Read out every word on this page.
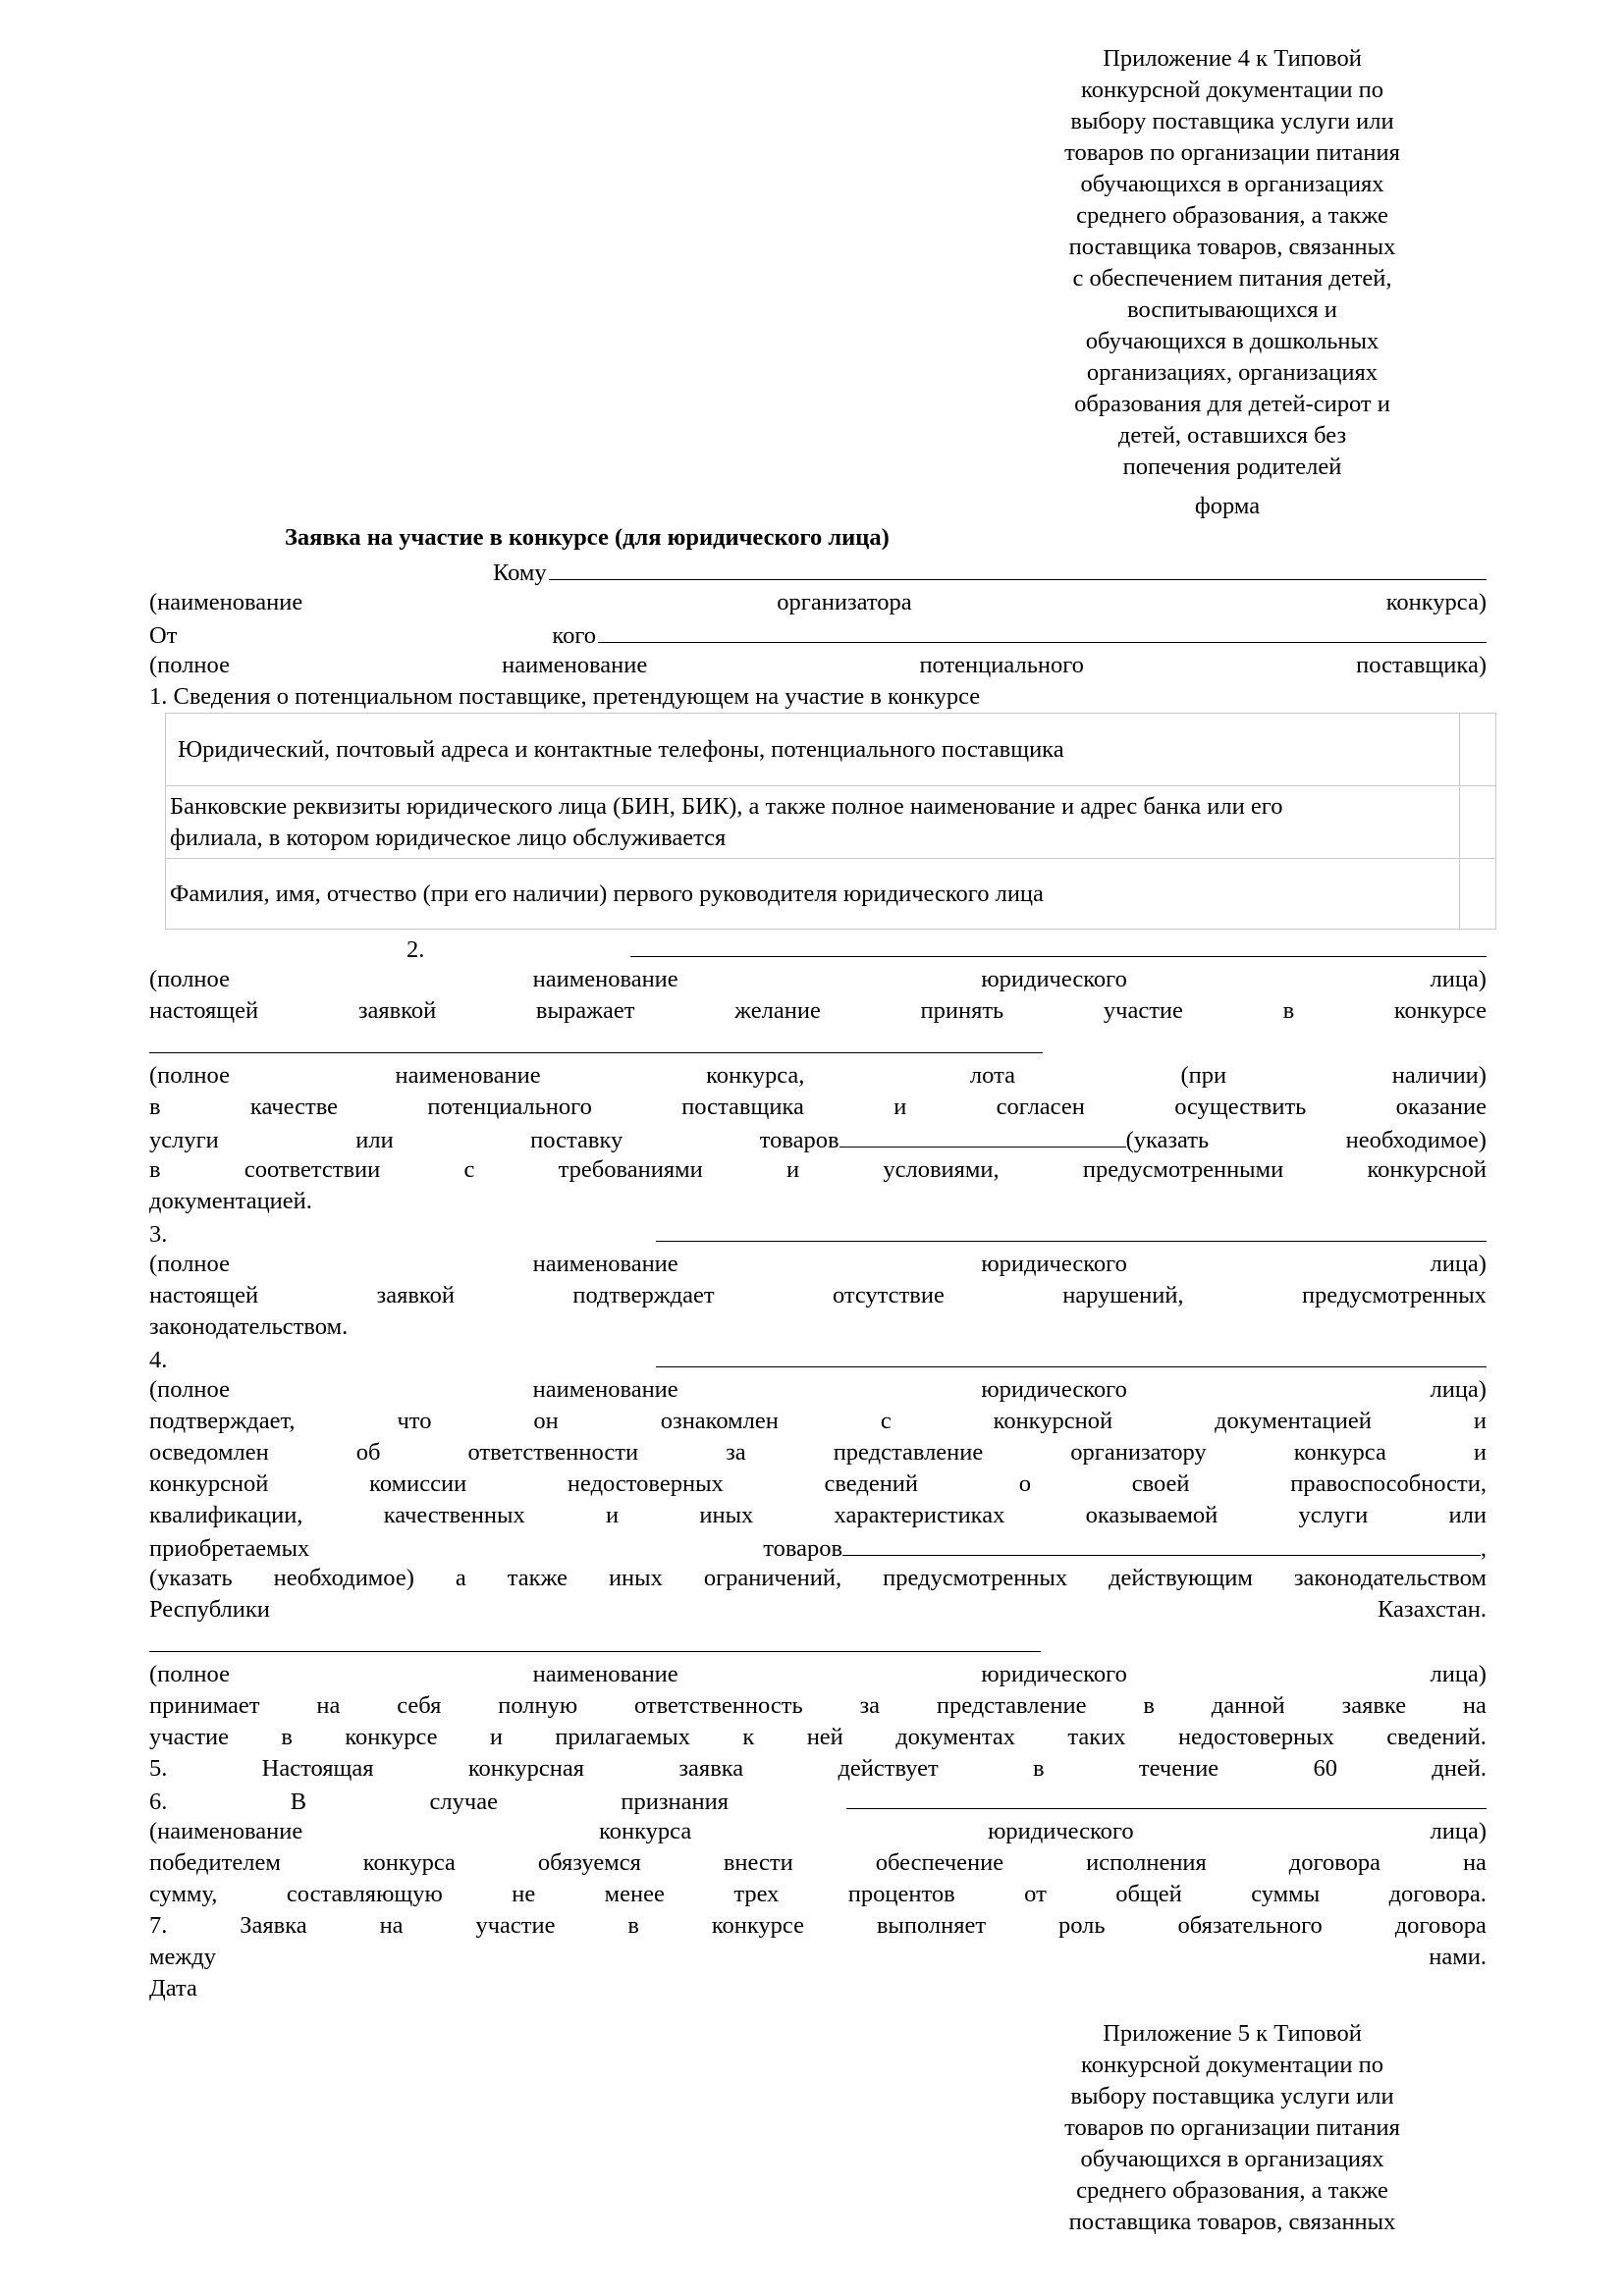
Приложение 4 к Типовой
конкурсной документации по
выбору поставщика услуги или
товаров по организации питания
обучающихся в организациях
среднего образования, а также
поставщика товаров, связанных
с обеспечением питания детей,
воспитывающихся и
обучающихся в дошкольных
организациях, организациях
образования для детей-сирот и
детей, оставшихся без
попечения родителей
форма
Заявка на участие в конкурсе (для юридического лица)
Кому
(наименование	организатора	конкурса)
От	кого
(полное	наименование	потенциального	поставщика)
1. Сведения о потенциальном поставщике, претендующем на участие в конкурсе
2.
(полное	наименование	юридического	лица)
настоящей	заявкой	выражает	желание	принять	участие	в	конкурсе
(полное	наименование	конкурса,	лота	(при	наличии)
в	качестве	потенциального	поставщика	и	согласен	осуществить	оказание
услуги	или	поставку	товаров	(указать	необходимое)
в	соответствии	с	требованиями	и	условиями,	предусмотренными	конкурсной
документацией.
3.
(полное	наименование	юридического	лица)
настоящей	заявкой	подтверждает	отсутствие	нарушений,	предусмотренных
законодательством.
4.
(полное	наименование	юридического	лица)
подтверждает,	что	он	ознакомлен	с	конкурсной	документацией	и
осведомлен	об	ответственности	за	представление	организатору	конкурса	и
конкурсной	комиссии	недостоверных	сведений	о	своей	правоспособности,
квалификации,	качественных	и	иных	характеристиках	оказываемой	услуги	или
приобретаемых	товаров	,
(указать необходимое) а также иных ограничений, предусмотренных действующим законодательством
Республики	Казахстан.
(полное	наименование	юридического	лица)
принимает на себя полную ответственность за представление в данной заявке на
участие в конкурсе и прилагаемых к ней документах таких недостоверных сведений.
5.	Настоящая	конкурсная	заявка	действует	в	течение	60	дней.
6.	В	случае	признания
(наименование	конкурса	юридического	лица)
победителем	конкурса	обязуемся	внести	обеспечение	исполнения	договора	на
сумму,	составляющую	не	менее	трех	процентов	от	общей	суммы	договора.
7.	Заявка	на	участие	в	конкурсе	выполняет	роль	обязательного	договора
между	нами.
Дата
Юридический, почтовый адреса и контактные телефоны, потенциального поставщика	

Банковские реквизиты юридического лица (БИН, БИК), а также полное наименование и адрес банка или его
филиала, в котором юридическое лицо обслуживается	

Фамилия, имя, отчество (при его наличии) первого руководителя юридического лица	
Приложение 5 к Типовой
конкурсной документации по
выбору поставщика услуги или
товаров по организации питания
обучающихся в организациях
среднего образования, а также
поставщика товаров, связанных
